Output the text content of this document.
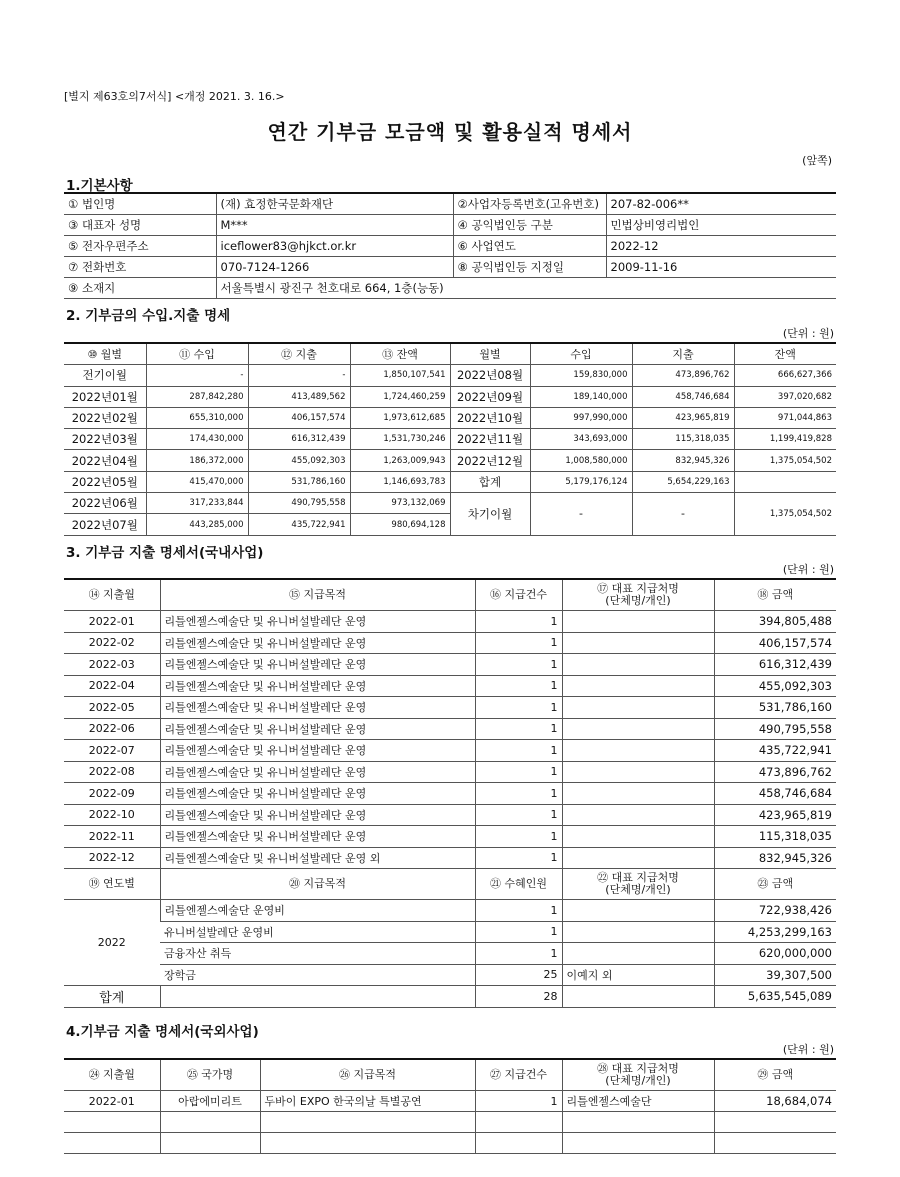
[별지 제63호의7서식] <개정 2021. 3. 16.>
연간 기부금 모금액 및 활용실적 명세서
(앞쪽)
1.기본사항
① 법인명	(재) 효정한국문화재단	②사업자등록번호(고유번호)	207-82-006**
③ 대표자 성명	M***	④ 공익법인등 구분	민법상비영리법인
⑤ 전자우편주소	iceflower83@hjkct.or.kr	⑥ 사업연도	2022-12
⑦ 전화번호	070-7124-1266	⑧ 공익법인등 지정일	2009-11-16
⑨ 소재지	서울특별시 광진구 천호대로 664, 1층(능동)		
2. 기부금의 수입.지출 명세
(단위 : 원)
⑩ 월별	⑪ 수입	⑫ 지출	⑬ 잔액	월별	수입	지출	잔액
전기이월	-	-	1,850,107,541	2022년08월	159,830,000	473,896,762	666,627,366
2022년01월	287,842,280	413,489,562	1,724,460,259	2022년09월	189,140,000	458,746,684	397,020,682
2022년02월	655,310,000	406,157,574	1,973,612,685	2022년10월	997,990,000	423,965,819	971,044,863
2022년03월	174,430,000	616,312,439	1,531,730,246	2022년11월	343,693,000	115,318,035	1,199,419,828
2022년04월	186,372,000	455,092,303	1,263,009,943	2022년12월	1,008,580,000	832,945,326	1,375,054,502
2022년05월	415,470,000	531,786,160	1,146,693,783	합계	5,179,176,124	5,654,229,163	
2022년06월	317,233,844	490,795,558	973,132,069	차기이월	-	-	1,375,054,502
2022년07월	443,285,000	435,722,941	980,694,128				
3. 기부금 지출 명세서(국내사업)
(단위 : 원)
⑭ 지출월	⑮ 지급목적	⑯ 지급건수	⑰ 대표 지급처명
(단체명/개인)	⑱ 금액
2022-01	리틀엔젤스예술단 및 유니버설발레단 운영	1		394,805,488
2022-02	리틀엔젤스예술단 및 유니버설발레단 운영	1		406,157,574
2022-03	리틀엔젤스예술단 및 유니버설발레단 운영	1		616,312,439
2022-04	리틀엔젤스예술단 및 유니버설발레단 운영	1		455,092,303
2022-05	리틀엔젤스예술단 및 유니버설발레단 운영	1		531,786,160
2022-06	리틀엔젤스예술단 및 유니버설발레단 운영	1		490,795,558
2022-07	리틀엔젤스예술단 및 유니버설발레단 운영	1		435,722,941
2022-08	리틀엔젤스예술단 및 유니버설발레단 운영	1		473,896,762
2022-09	리틀엔젤스예술단 및 유니버설발레단 운영	1		458,746,684
2022-10	리틀엔젤스예술단 및 유니버설발레단 운영	1		423,965,819
2022-11	리틀엔젤스예술단 및 유니버설발레단 운영	1		115,318,035
2022-12	리틀엔젤스예술단 및 유니버설발레단 운영 외	1		832,945,326
⑲ 연도별	⑳ 지급목적	㉑ 수혜인원	㉒ 대표 지급처명
(단체명/개인)	㉓ 금액
2022	리틀엔젤스예술단 운영비	1		722,938,426
	유니버설발레단 운영비	1		4,253,299,163
	금융자산 취득	1		620,000,000
	장학금	25	이예지 외	39,307,500
합계		28		5,635,545,089
4.기부금 지출 명세서(국외사업)
(단위 : 원)
㉔ 지출월	㉕ 국가명	㉖ 지급목적	㉗ 지급건수	㉘ 대표 지급처명
(단체명/개인)	㉙ 금액
2022-01	아랍에미리트	두바이 EXPO 한국의날 특별공연	1	리틀엔젤스예술단	18,684,074
